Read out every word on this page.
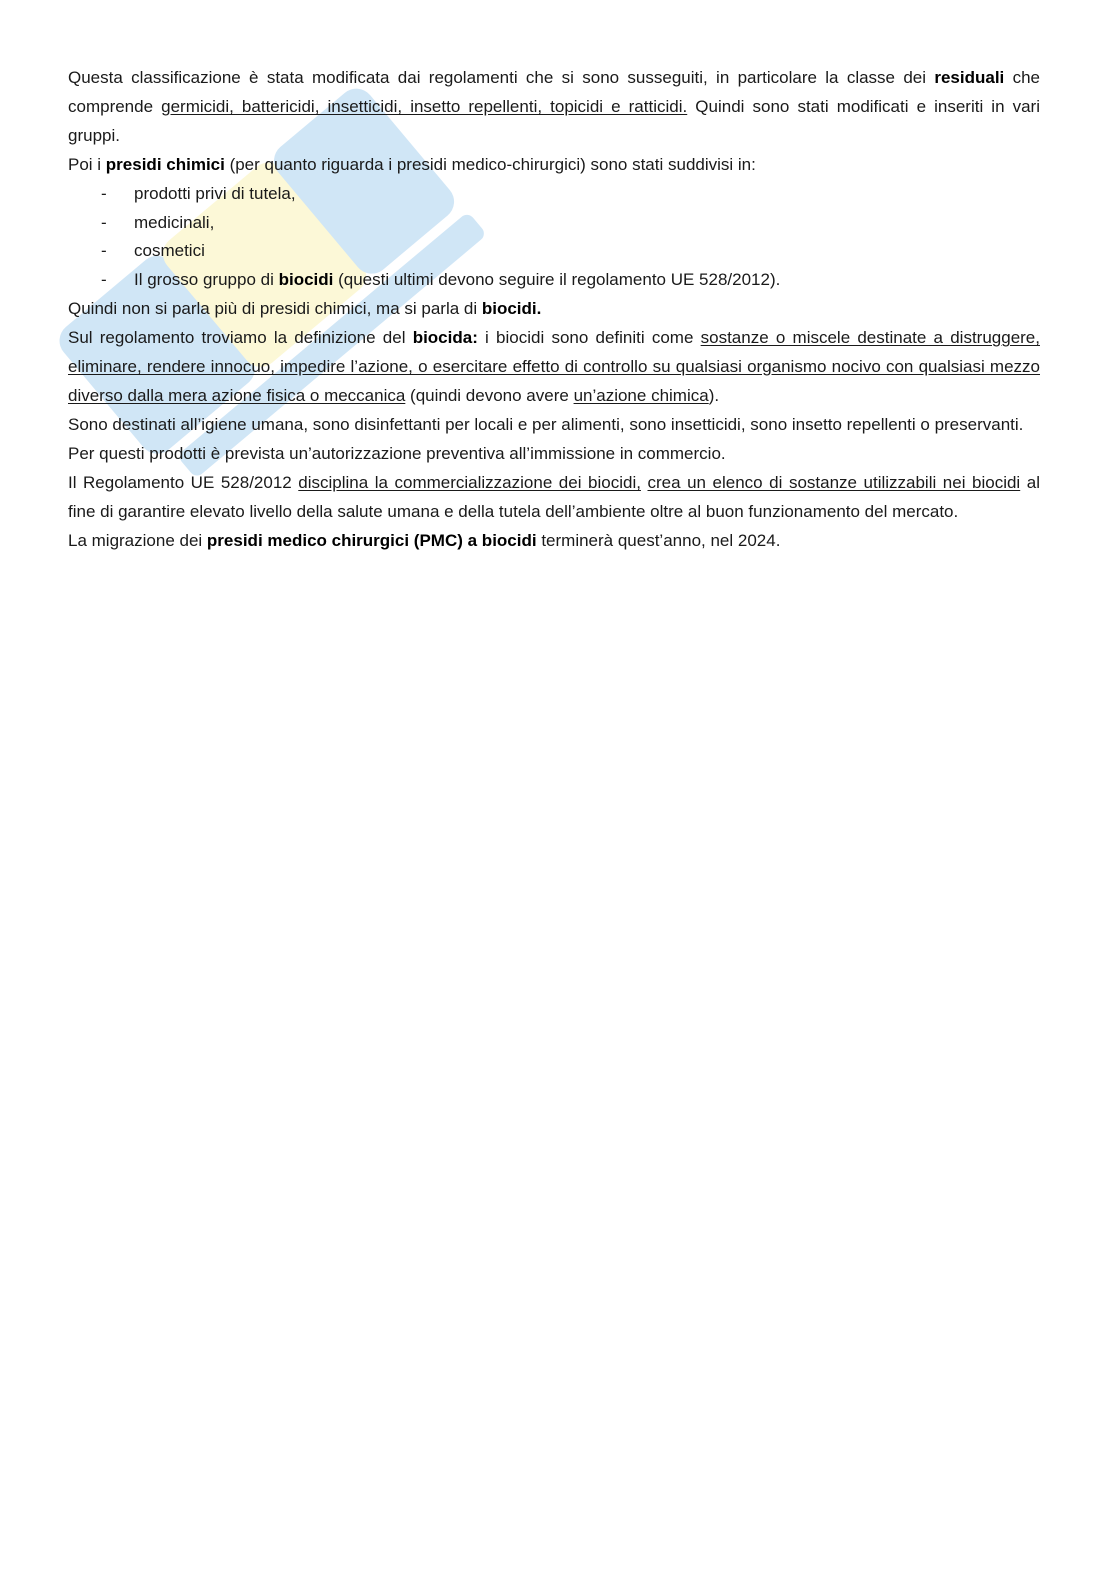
Questa classificazione è stata modificata dai regolamenti che si sono susseguiti, in particolare la classe dei residuali che comprende germicidi, battericidi, insetticidi, insetto repellenti, topicidi e ratticidi. Quindi sono stati modificati e inseriti in vari gruppi.

Poi i presidi chimici (per quanto riguarda i presidi medico-chirurgici) sono stati suddivisi in:

- prodotti privi di tutela,
- medicinali,
- cosmetici
- Il grosso gruppo di biocidi (questi ultimi devono seguire il regolamento UE 528/2012).

Quindi non si parla più di presidi chimici, ma si parla di biocidi.

Sul regolamento troviamo la definizione del biocida: i biocidi sono definiti come sostanze o miscele destinate a distruggere, eliminare, rendere innocuo, impedire l’azione, o esercitare effetto di controllo su qualsiasi organismo nocivo con qualsiasi mezzo diverso dalla mera azione fisica o meccanica (quindi devono avere un’azione chimica).

Sono destinati all’igiene umana, sono disinfettanti per locali e per alimenti, sono insetticidi, sono insetto repellenti o preservanti.

Per questi prodotti è prevista un’autorizzazione preventiva all’immissione in commercio.

Il Regolamento UE 528/2012 disciplina la commercializzazione dei biocidi, crea un elenco di sostanze utilizzabili nei biocidi al fine di garantire elevato livello della salute umana e della tutela dell’ambiente oltre al buon funzionamento del mercato.

La migrazione dei presidi medico chirurgici (PMC) a biocidi terminerà quest’anno, nel 2024.
